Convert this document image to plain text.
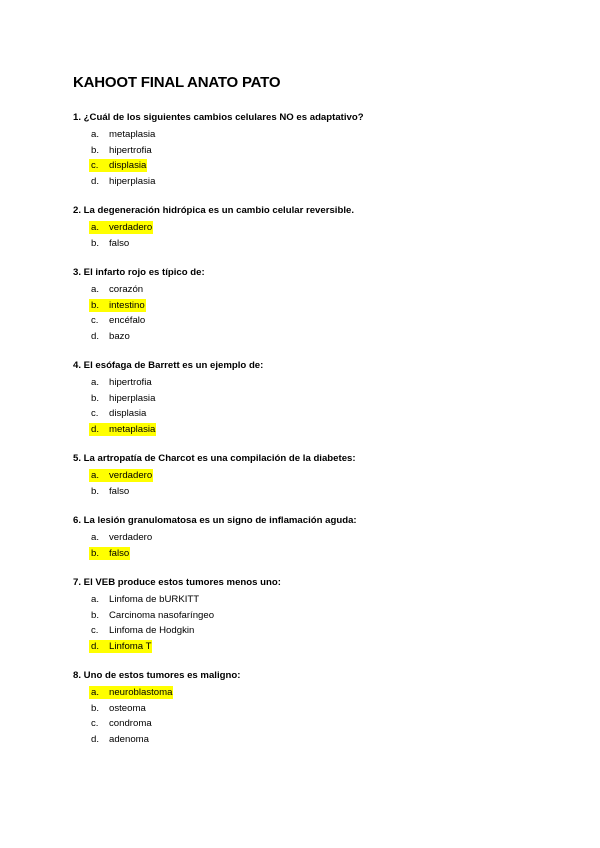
KAHOOT FINAL ANATO PATO
1. ¿Cuál de los siguientes cambios celulares NO es adaptativo?
a. metaplasia
b. hipertrofia
c. displasia
d. hiperplasia
2. La degeneración hidrópica es un cambio celular reversible.
a. verdadero
b. falso
3. El infarto rojo es típico de:
a. corazón
b. intestino
c. encéfalo
d. bazo
4. El esófaga de Barrett es un ejemplo de:
a. hipertrofia
b. hiperplasia
c. displasia
d. metaplasia
5. La artropatía de Charcot es una compilación de la diabetes:
a. verdadero
b. falso
6. La lesión granulomatosa es un signo de inflamación aguda:
a. verdadero
b. falso
7. El VEB produce estos tumores menos uno:
a. Linfoma de bURKITT
b. Carcinoma nasofaríngeo
c. Linfoma de Hodgkin
d. Linfoma T
8. Uno de estos tumores es maligno:
a. neuroblastoma
b. osteoma
c. condroma
d. adenoma
